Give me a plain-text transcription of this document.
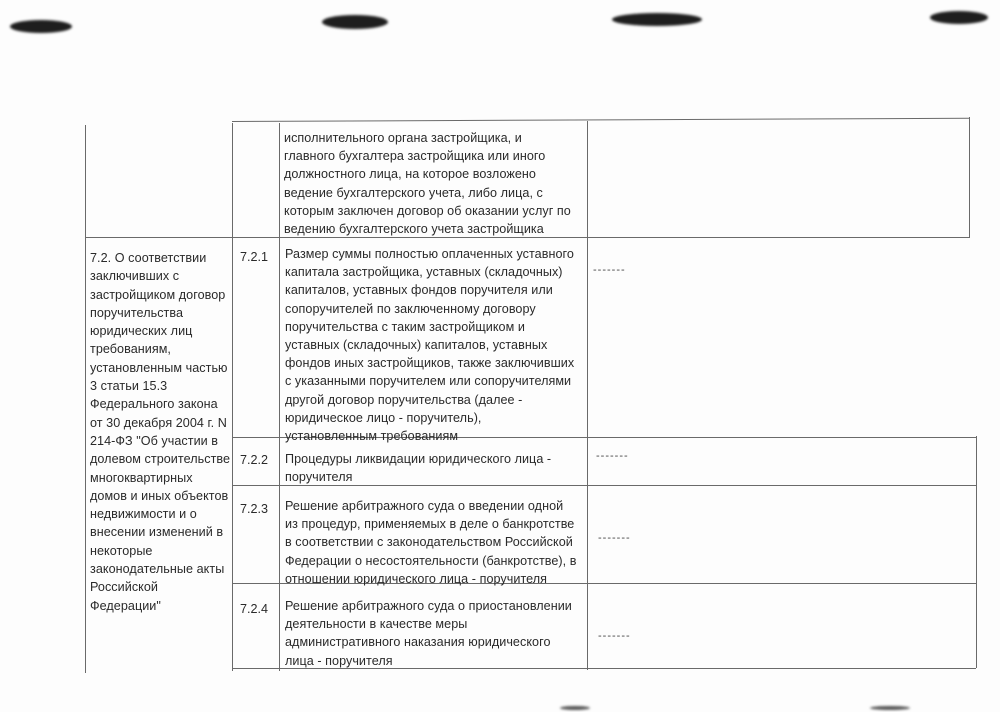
исполнительного органа застройщика, и
главного бухгалтера застройщика или иного
должностного лица, на которое возложено
ведение бухгалтерского учета, либо лица, с
которым заключен договор об оказании услуг по
ведению бухгалтерского учета застройщика
7.2. О соответствии
заключивших с
застройщиком договор
поручительства
юридических лиц
требованиям,
установленным частью
3 статьи 15.3
Федерального закона
от 30 декабря 2004 г. N
214-ФЗ "Об участии в
долевом строительстве
многоквартирных
домов и иных объектов
недвижимости и о
внесении изменений в
некоторые
законодательные акты
Российской
Федерации"
7.2.1 Размер суммы полностью оплаченных уставного
капитала застройщика, уставных (складочных)
капиталов, уставных фондов поручителя или
сопоручителей по заключенному договору
поручительства с таким застройщиком и
уставных (складочных) капиталов, уставных
фондов иных застройщиков, также заключивших
с указанными поручителем или сопоручителями
другой договор поручительства (далее -
юридическое лицо - поручитель),
установленным требованиям
-------
7.2.2 Процедуры ликвидации юридического лица -
поручителя
-------
7.2.3 Решение арбитражного суда о введении одной
из процедур, применяемых в деле о банкротстве
в соответствии с законодательством Российской
Федерации о несостоятельности (банкротстве), в
отношении юридического лица - поручителя
-------
7.2.4 Решение арбитражного суда о приостановлении
деятельности в качестве меры
административного наказания юридического
лица - поручителя
-------
